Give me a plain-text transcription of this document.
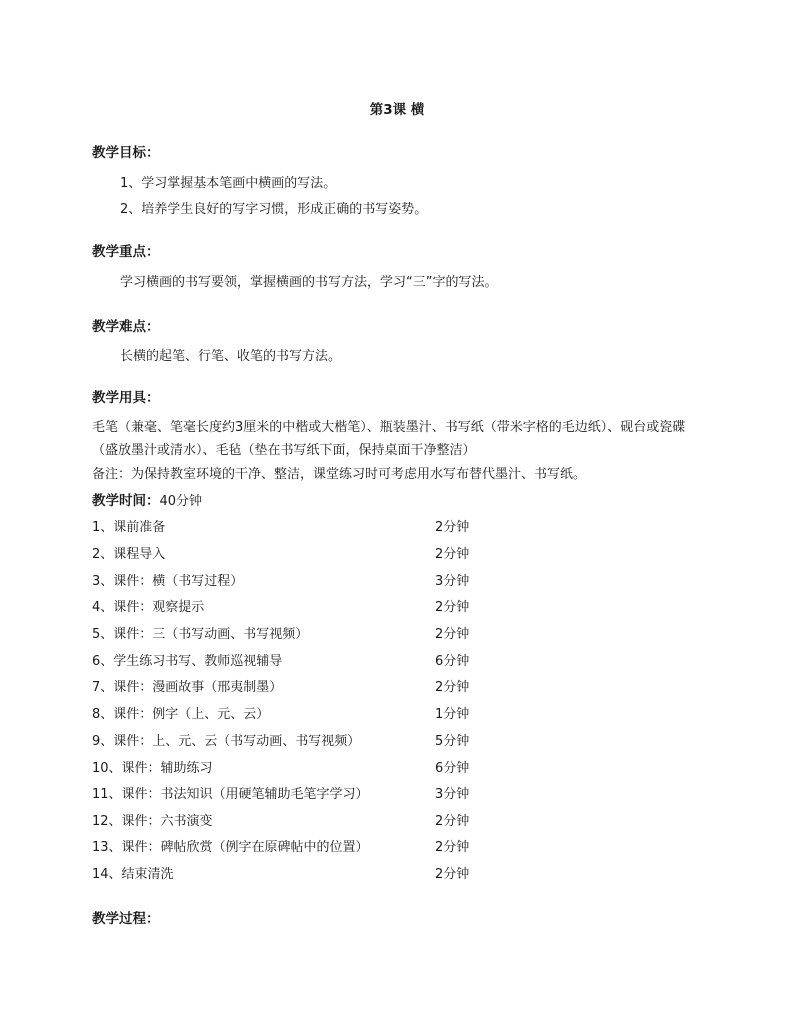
第3课 横
教学目标：
1、学习掌握基本笔画中横画的写法。
2、培养学生良好的写字习惯，形成正确的书写姿势。
教学重点：
学习横画的书写要领，掌握横画的书写方法，学习“三”字的写法。
教学难点：
长横的起笔、行笔、收笔的书写方法。
教学用具：
毛笔（兼毫、笔毫长度约3厘米的中楷或大楷笔）、瓶装墨汁、书写纸（带米字格的毛边纸）、砚台或瓷碟（盛放墨汁或清水）、毛毡（垫在书写纸下面，保持桌面干净整洁）
备注：为保持教室环境的干净、整洁，课堂练习时可考虑用水写布替代墨汁、书写纸。
教学时间：40分钟
1、课前准备	2分钟
2、课程导入	2分钟
3、课件：横（书写过程）	3分钟
4、课件：观察提示	2分钟
5、课件：三（书写动画、书写视频）	2分钟
6、学生练习书写、教师巡视辅导	6分钟
7、课件：漫画故事（邢夷制墨）	2分钟
8、课件：例字（上、元、云）	1分钟
9、课件：上、元、云（书写动画、书写视频）	5分钟
10、课件：辅助练习	6分钟
11、课件：书法知识（用硬笔辅助毛笔字学习）	3分钟
12、课件：六书演变	2分钟
13、课件：碑帖欣赏（例字在原碑帖中的位置）	2分钟
14、结束清洗	2分钟
教学过程：
